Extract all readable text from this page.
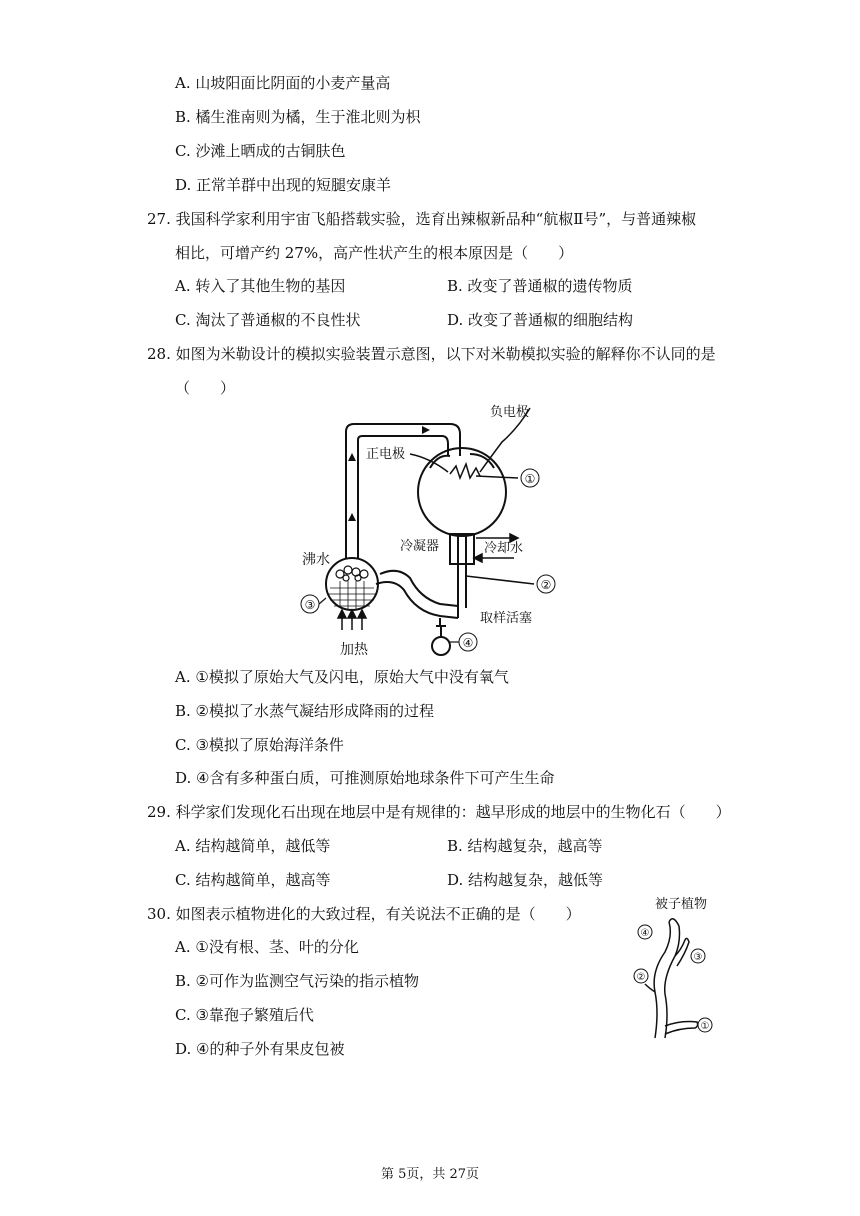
A. 山坡阳面比阴面的小麦产量高
B. 橘生淮南则为橘，生于淮北则为枳
C. 沙滩上晒成的古铜肤色
D. 正常羊群中出现的短腿安康羊
27. 我国科学家利用宇宙飞船搭载实验，选育出辣椒新品种“航椒Ⅱ号”，与普通辣椒
相比，可增产约 27%，高产性状产生的根本原因是（　　）
A. 转入了其他生物的基因	B. 改变了普通椒的遗传物质
C. 淘汰了普通椒的不良性状	D. 改变了普通椒的细胞结构
28. 如图为米勒设计的模拟实验装置示意图，以下对米勒模拟实验的解释你不认同的是
（　　）
①
②
③
④
负电极
正电极
冷凝器	冷却水
沸水
取样活塞
加热
A. ①模拟了原始大气及闪电，原始大气中没有氧气
B. ②模拟了水蒸气凝结形成降雨的过程
C. ③模拟了原始海洋条件
D. ④含有多种蛋白质，可推测原始地球条件下可产生生命
29. 科学家们发现化石出现在地层中是有规律的：越早形成的地层中的生物化石（　　）
A. 结构越简单，越低等	B. 结构越复杂，越高等
C. 结构越简单，越高等	D. 结构越复杂，越低等
30. 如图表示植物进化的大致过程，有关说法不正确的是（　　）
A. ①没有根、茎、叶的分化
B. ②可作为监测空气污染的指示植物
C. ③靠孢子繁殖后代
D. ④的种子外有果皮包被
④
③
②
①
被子植物
第 5页，共 27页
